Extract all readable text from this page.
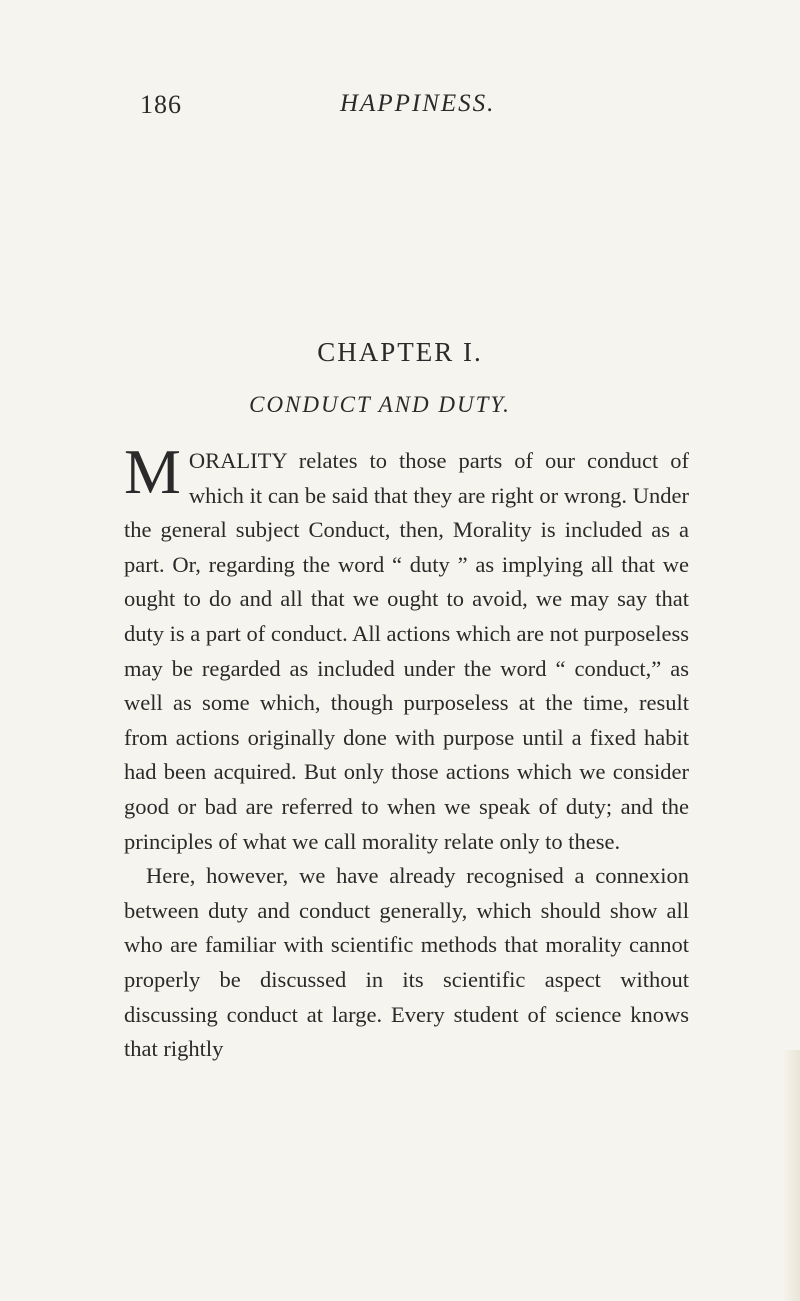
186	HAPPINESS.
CHAPTER I.
CONDUCT AND DUTY.

MORALITY relates to those parts of our conduct of which it can be said that they are right or wrong. Under the general subject Conduct, then, Morality is included as a part. Or, regarding the word “ duty ” as implying all that we ought to do and all that we ought to avoid, we may say that duty is a part of conduct. All actions which are not purposeless may be regarded as included under the word “ conduct,” as well as some which, though purposeless at the time, result from actions originally done with purpose until a fixed habit had been acquired. But only those actions which we consider good or bad are referred to when we speak of duty; and the principles of what we call morality relate only to these.

Here, however, we have already recognised a connexion between duty and conduct generally, which should show all who are familiar with scientific methods that morality cannot properly be discussed in its scientific aspect without discussing conduct at large. Every student of science knows that rightly
